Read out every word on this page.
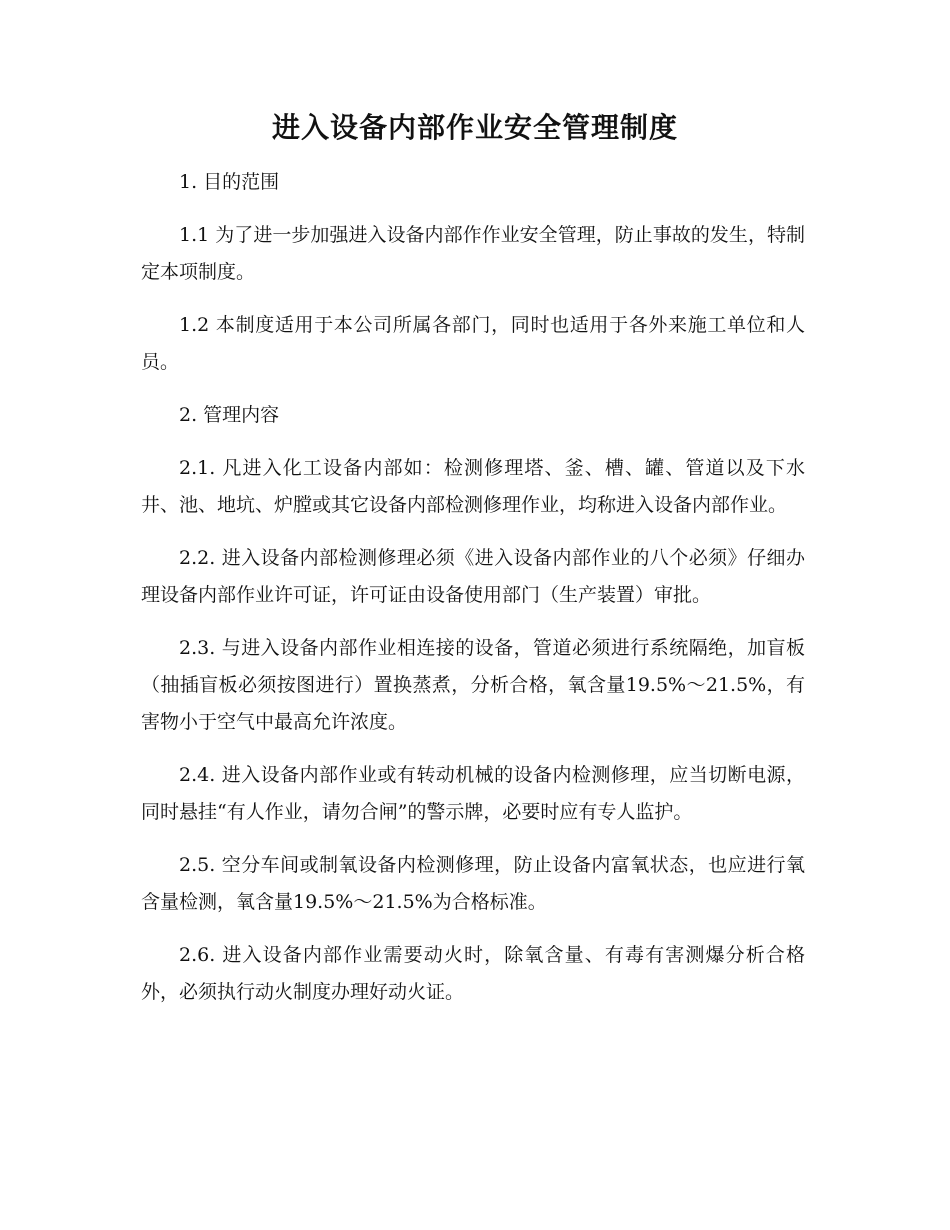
进入设备内部作业安全管理制度

1. 目的范围

1.1 为了进一步加强进入设备内部作作业安全管理，防止事故的发生，特制定本项制度。

1.2 本制度适用于本公司所属各部门，同时也适用于各外来施工单位和人员。

2. 管理内容

2.1. 凡进入化工设备内部如：检测修理塔、釜、槽、罐、管道以及下水井、池、地坑、炉膛或其它设备内部检测修理作业，均称进入设备内部作业。

2.2. 进入设备内部检测修理必须《进入设备内部作业的八个必须》仔细办理设备内部作业许可证，许可证由设备使用部门（生产装置）审批。

2.3. 与进入设备内部作业相连接的设备，管道必须进行系统隔绝，加盲板（抽插盲板必须按图进行）置换蒸煮，分析合格，氧含量19.5%～21.5%，有害物小于空气中最高允许浓度。

2.4. 进入设备内部作业或有转动机械的设备内检测修理，应当切断电源，同时悬挂“有人作业，请勿合闸”的警示牌，必要时应有专人监护。

2.5. 空分车间或制氧设备内检测修理，防止设备内富氧状态，也应进行氧含量检测，氧含量19.5%～21.5%为合格标准。

2.6. 进入设备内部作业需要动火时，除氧含量、有毒有害测爆分析合格外，必须执行动火制度办理好动火证。
